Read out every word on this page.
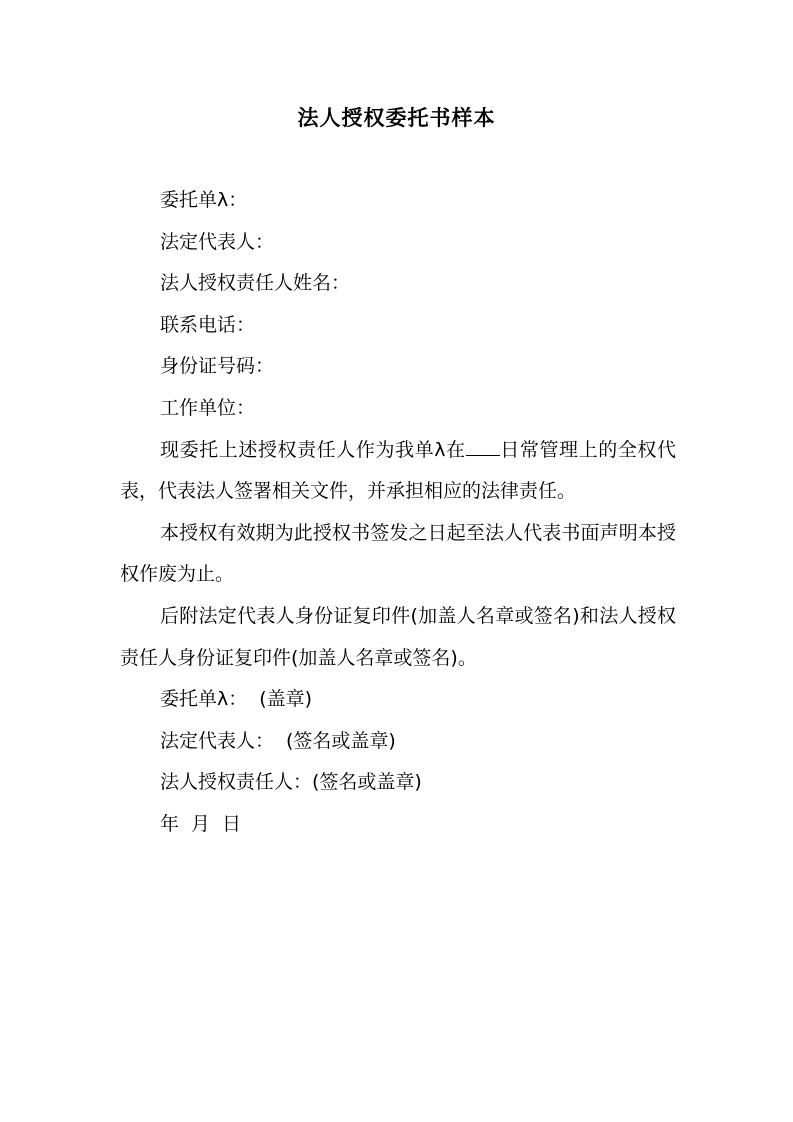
法人授权委托书样本
委托单λ：
法定代表人：
法人授权责任人姓名：
联系电话：
身份证号码：
工作单位：
现委托上述授权责任人作为我单λ在 日常管理上的全权代表，代表法人签署相关文件，并承担相应的法律责任。
本授权有效期为此授权书签发之日起至法人代表书面声明本授权作废为止。
后附法定代表人身份证复印件(加盖人名章或签名)和法人授权责任人身份证复印件(加盖人名章或签名)。
委托单λ： (盖章)
法定代表人： (签名或盖章)
法人授权责任人：(签名或盖章)
年 月 日
